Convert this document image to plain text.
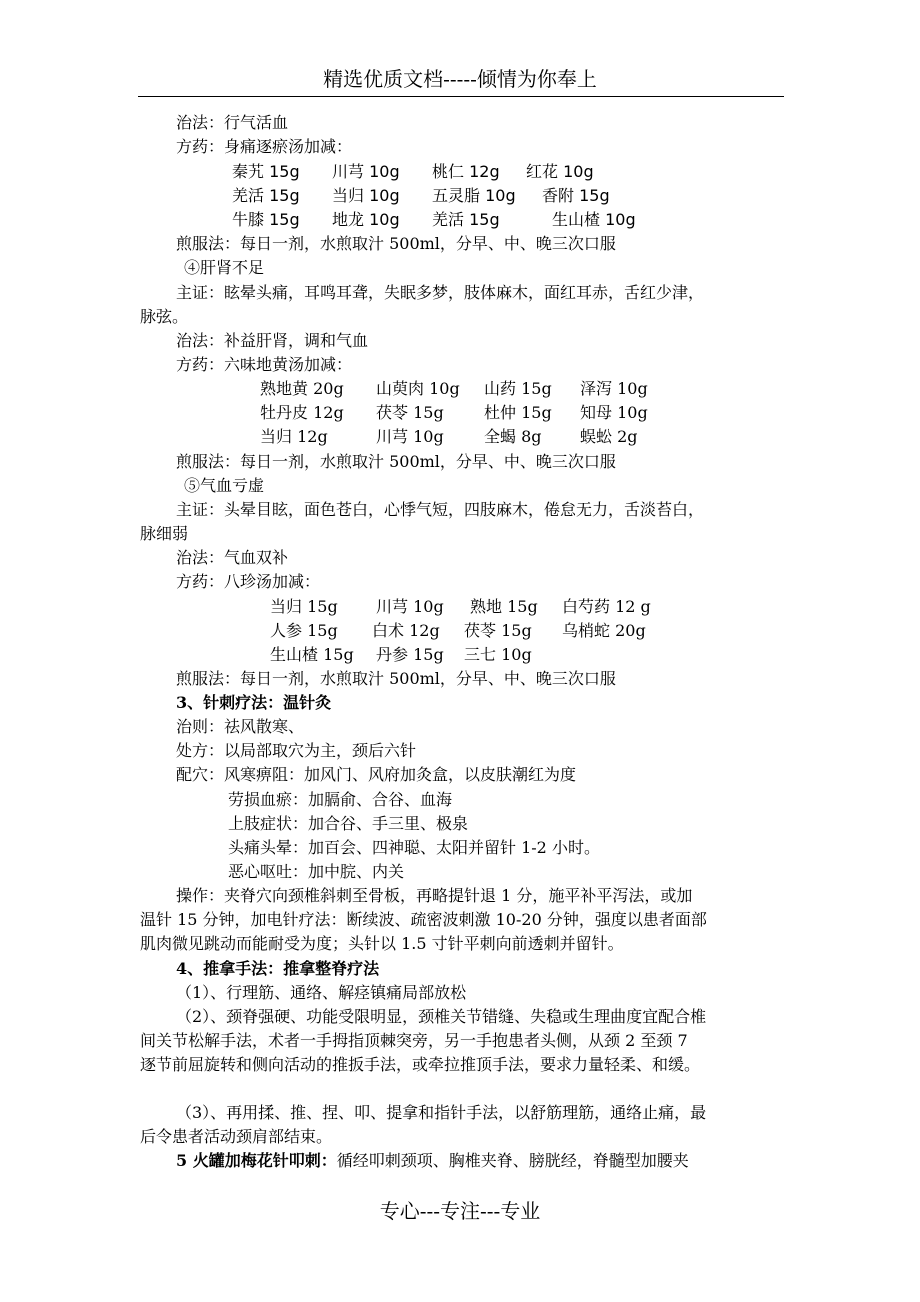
精选优质文档-----倾情为你奉上
治法：行气活血
方药：身痛逐瘀汤加减：
秦艽 15g 川芎 10g 桃仁 12g 红花 10g
羌活 15g 当归 10g 五灵脂 10g 香附 15g
牛膝 15g 地龙 10g 羌活 15g	生山楂 10g
煎服法：每日一剂，水煎取汁 500ml，分早、中、晚三次口服
④肝肾不足
主证：眩晕头痛，耳鸣耳聋，失眠多梦，肢体麻木，面红耳赤，舌红少津，
脉弦。
治法：补益肝肾，调和气血
方药：六味地黄汤加减：
熟地黄 20g 山萸肉 10g 山药 15g 泽泻 10g
牡丹皮 12g 茯苓 15g	杜仲 15g 知母 10g
当归 12g	川芎 10g	全蝎 8g 蜈蚣 2g
煎服法：每日一剂，水煎取汁 500ml，分早、中、晚三次口服
⑤气血亏虚
主证：头晕目眩，面色苍白，心悸气短，四肢麻木，倦怠无力，舌淡苔白，
脉细弱
治法：气血双补
方药：八珍汤加减：
当归 15g 川芎 10g 熟地 15g 白芍药 12 g
人参 15g 白术 12g 茯苓 15g 乌梢蛇 20g
生山楂 15g 丹参 15g 三七 10g
煎服法：每日一剂，水煎取汁 500ml，分早、中、晚三次口服
3、针刺疗法：温针灸
治则：祛风散寒、
处方：以局部取穴为主，颈后六针
配穴：风寒痹阻：加风门、风府加灸盒，以皮肤潮红为度
劳损血瘀：加膈俞、合谷、血海
上肢症状：加合谷、手三里、极泉
头痛头晕：加百会、四神聪、太阳并留针 1-2 小时。
恶心呕吐：加中脘、内关
操作：夹脊穴向颈椎斜刺至骨板，再略提针退 1 分，施平补平泻法，或加
温针 15 分钟，加电针疗法：断续波、疏密波刺激 10-20 分钟，强度以患者面部
肌肉微见跳动而能耐受为度；头针以 1.5 寸针平刺向前透刺并留针。
4、推拿手法：推拿整脊疗法
（1）、行理筋、通络、解痉镇痛局部放松
（2）、颈脊强硬、功能受限明显，颈椎关节错缝、失稳或生理曲度宜配合椎
间关节松解手法，术者一手拇指顶棘突旁，另一手抱患者头侧，从颈 2 至颈 7
逐节前屈旋转和侧向活动的推扳手法，或牵拉推顶手法，要求力量轻柔、和缓。
（3）、再用揉、推、捏、叩、提拿和指针手法，以舒筋理筋，通络止痛，最
后令患者活动颈肩部结束。
5 火罐加梅花针叩刺：循经叩刺颈项、胸椎夹脊、膀胱经，脊髓型加腰夹
专心---专注---专业
